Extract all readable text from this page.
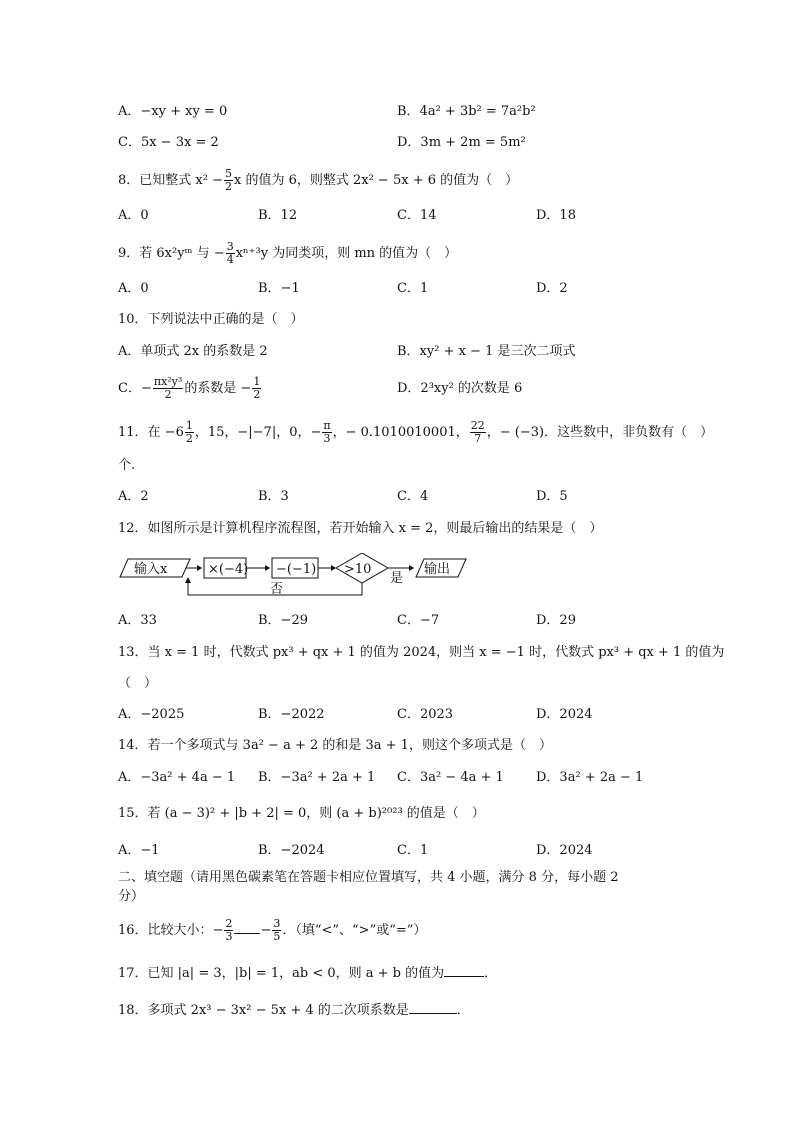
A．−xy + xy = 0	B．4a² + 3b² = 7a²b²
C．5x − 3x = 2	D．3m + 2m = 5m²
8．已知整式 $x^2 - \frac{5}{2}$ x 的值为 6，则整式 2x² − 5x + 6 的值为（　）
A．0	B．12	C．14	D．18
9．若 6x²yᵐ 与 − $\frac{3}{4} x^{n+3}y$ 为同类项，则 mn 的值为（　）
A．0	B．−1	C．1	D．2
10．下列说法中正确的是（　）
A．单项式 2x 的系数是 2	B．xy² + x − 1 是三次二项式
C．− $\frac{\text{πx²y³}}{2}$ 的系数是 − $\frac{1}{2}$	D．2³xy² 的次数是 6
11．在 $-6 \frac{1}{2}$ ，15，−|−7|，0，− $\frac{\pi}{3}$ ，− 0.1010010001， $\frac{22}{7}$ ，− (−3)．这些数中，非负数有（　）
个.
A．2	B．3	C．4	D．5
12．如图所示是计算机程序流程图，若开始输入 x = 2，则最后输出的结果是（　）
输入x	×(−4) −(−1) >10
是
输出
否
A．33	B．−29	C．−7	D．29
13．当 x = 1 时，代数式 px³ + qx + 1 的值为 2024，则当 x = −1 时，代数式 px³ + qx + 1 的值为
（　）
A．−2025	B．−2022	C．2023	D．2024
14．若一个多项式与 3a² − a + 2 的和是 3a + 1，则这个多项式是（　）
A．−3a² + 4a − 1 B．−3a² + 2a + 1 C．3a² − 4a + 1 D．3a² + 2a − 1
15．若 (a − 3)² + |b + 2| = 0，则 (a + b)²⁰²³ 的值是（　）
A．−1	B．−2024	C．1	D．2024
二、填空题（请用黑色碳素笔在答题卡相应位置填写，共 4 小题，满分 8 分，每小题 2
分）
16．比较大小：− $\frac{2}{3} - \frac{3}{5}$ ．（填“<”、“>”或“=”）
17．已知 |a| = 3，|b| = 1，ab < 0，则 a + b 的值为	．
18．多项式 2x³ − 3x² − 5x + 4 的二次项系数是	．
